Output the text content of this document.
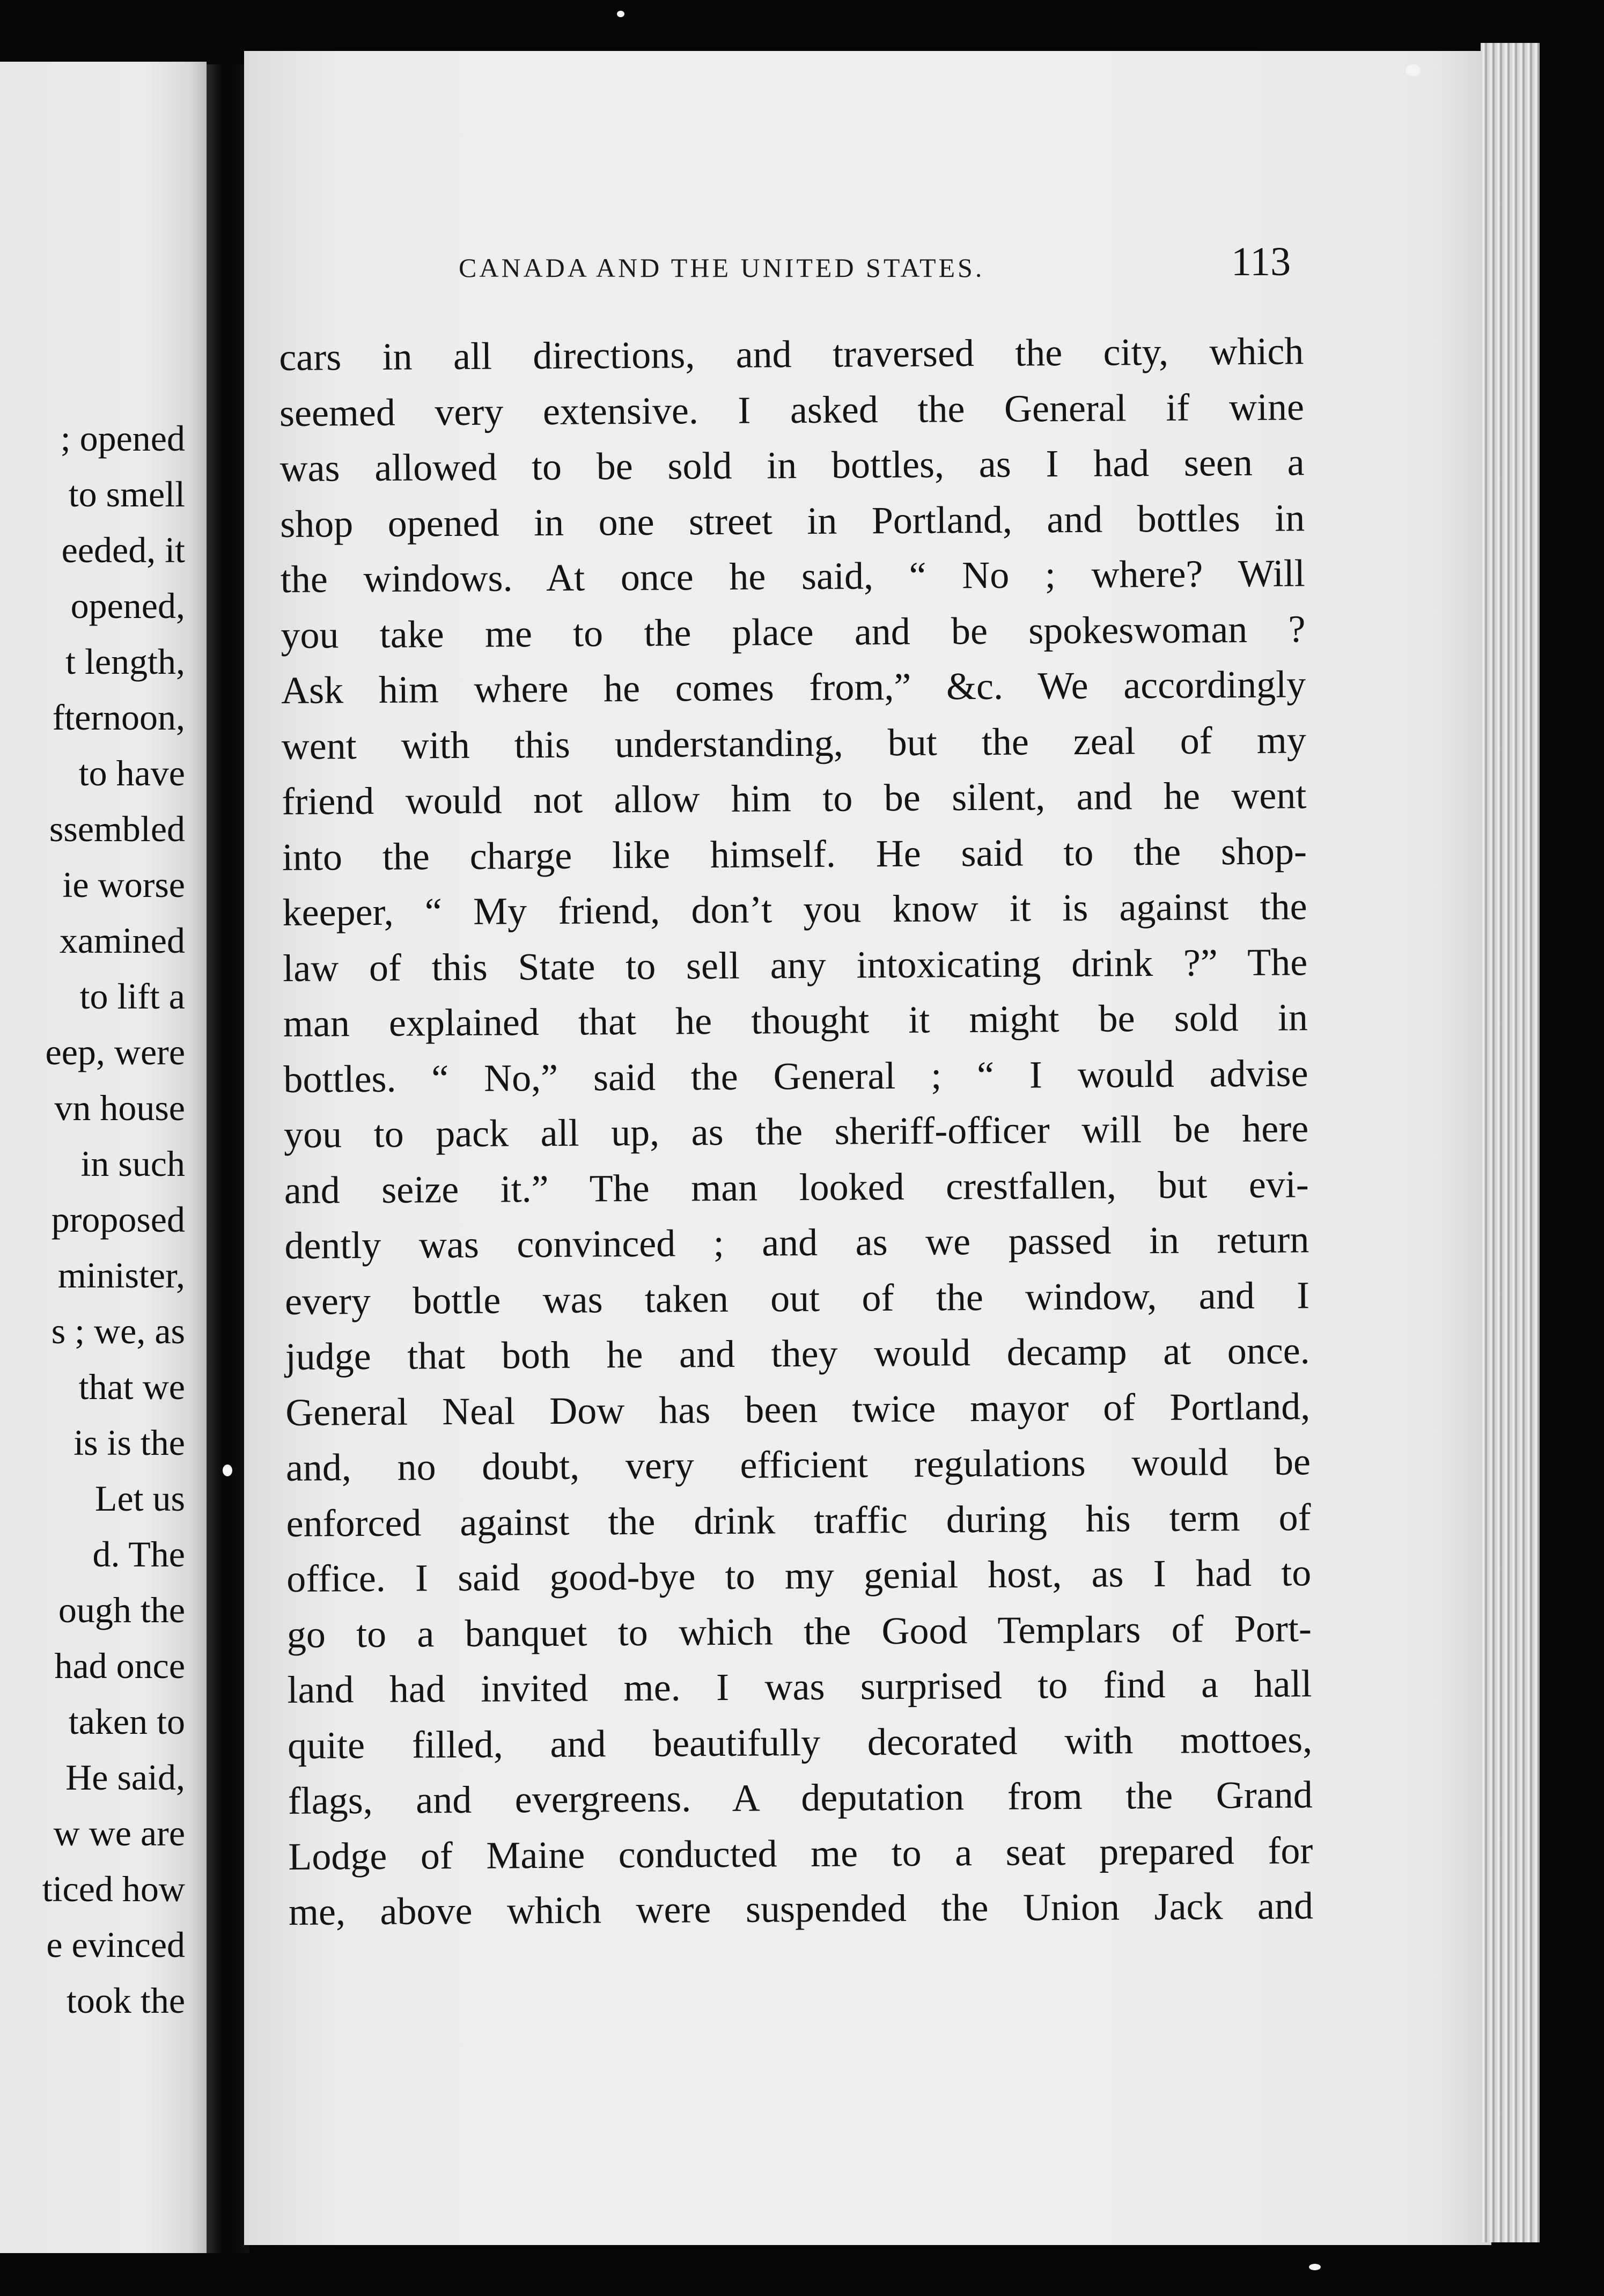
; opened
to smell
eeded, it
opened,
t length,
fternoon,
to have
ssembled
ie worse
xamined
to lift a
eep, were
vn house
in such
proposed
minister,
s ; we, as
that we
is is the
Let us
d. The
ough the
had once
taken to
He said,
w we are
ticed how
e evinced
took the
CANADA AND THE UNITED STATES.	113
cars in all directions, and traversed the city, which
seemed very extensive. I asked the General if wine
was allowed to be sold in bottles, as I had seen a
shop opened in one street in Portland, and bottles in
the windows. At once he said, “ No ; where? Will
you take me to the place and be spokeswoman ?
Ask him where he comes from,” &c. We accordingly
went with this understanding, but the zeal of my
friend would not allow him to be silent, and he went
into the charge like himself. He said to the shop-
keeper, “ My friend, don’t you know it is against the
law of this State to sell any intoxicating drink ?” The
man explained that he thought it might be sold in
bottles. “ No,” said the General ; “ I would advise
you to pack all up, as the sheriff-officer will be here
and seize it.” The man looked crestfallen, but evi-
dently was convinced ; and as we passed in return
every bottle was taken out of the window, and I
judge that both he and they would decamp at once.
General Neal Dow has been twice mayor of Portland,
and, no doubt, very efficient regulations would be
enforced against the drink traffic during his term of
office. I said good-bye to my genial host, as I had to
go to a banquet to which the Good Templars of Port-
land had invited me. I was surprised to find a hall
quite filled, and beautifully decorated with mottoes,
flags, and evergreens. A deputation from the Grand
Lodge of Maine conducted me to a seat prepared for
me, above which were suspended the Union Jack and
